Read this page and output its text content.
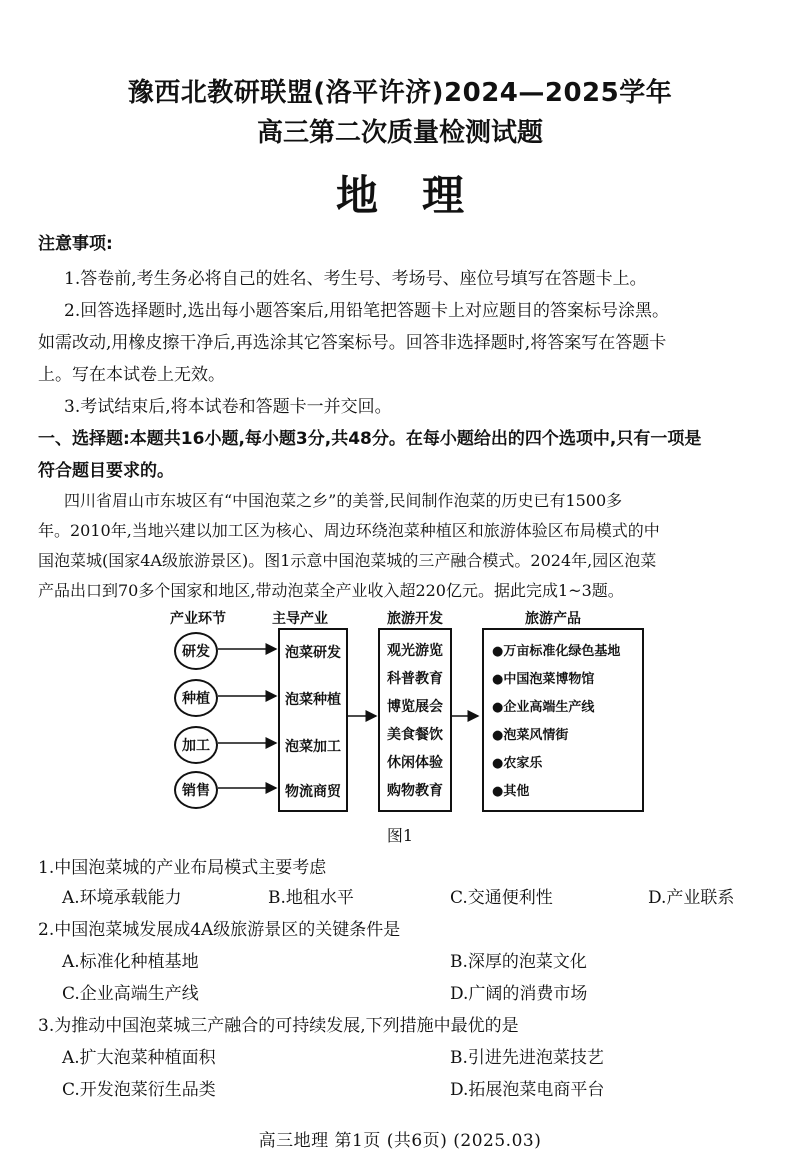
豫西北教研联盟(洛平许济)2024—2025学年
高三第二次质量检测试题
地理
注意事项:
1.答卷前,考生务必将自己的姓名、考生号、考场号、座位号填写在答题卡上。
2.回答选择题时,选出每小题答案后,用铅笔把答题卡上对应题目的答案标号涂黑。
如需改动,用橡皮擦干净后,再选涂其它答案标号。回答非选择题时,将答案写在答题卡
上。写在本试卷上无效。
3.考试结束后,将本试卷和答题卡一并交回。
一、选择题:本题共16小题,每小题3分,共48分。在每小题给出的四个选项中,只有一项是
符合题目要求的。
四川省眉山市东坡区有“中国泡菜之乡”的美誉,民间制作泡菜的历史已有1500多
年。2010年,当地兴建以加工区为核心、周边环绕泡菜种植区和旅游体验区布局模式的中
国泡菜城(国家4A级旅游景区)。图1示意中国泡菜城的三产融合模式。2024年,园区泡菜
产品出口到70多个国家和地区,带动泡菜全产业收入超220亿元。据此完成1~3题。
产业环节	主导产业	旅游开发	旅游产品
研发
种植
加工
销售
泡菜研发
泡菜种植
泡菜加工
物流商贸
观光游览
科普教育
博览展会
美食餐饮
休闲体验
购物教育
●万亩标准化绿色基地
●中国泡菜博物馆
●企业高端生产线
●泡菜风情街
●农家乐
●其他
图1
1.中国泡菜城的产业布局模式主要考虑
A.环境承载能力	B.地租水平	C.交通便利性	D.产业联系
2.中国泡菜城发展成4A级旅游景区的关键条件是
A.标准化种植基地	B.深厚的泡菜文化
C.企业高端生产线	D.广阔的消费市场
3.为推动中国泡菜城三产融合的可持续发展,下列措施中最优的是
A.扩大泡菜种植面积	B.引进先进泡菜技艺
C.开发泡菜衍生品类	D.拓展泡菜电商平台
高三地理 第1页 (共6页) (2025.03)
